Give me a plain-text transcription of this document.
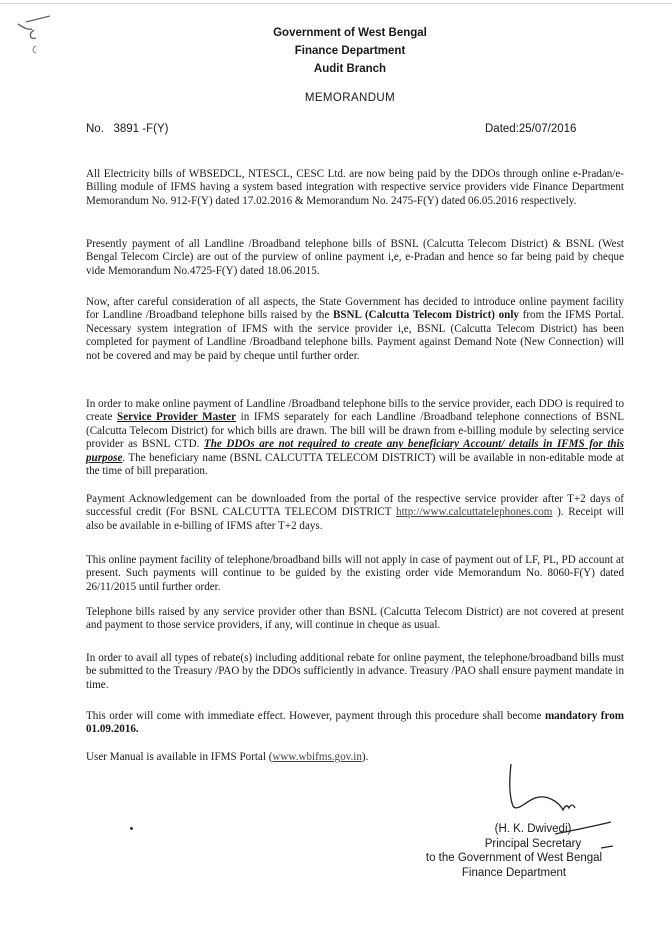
Government of West Bengal
Finance Department
Audit Branch
MEMORANDUM
No.   3891 -F(Y)	Dated:25/07/2016
All Electricity bills of WBSEDCL, NTESCL, CESC Ltd. are now being paid by the DDOs through online e-Pradan/e-Billing module of IFMS having a system based integration with respective service providers vide Finance Department Memorandum No. 912-F(Y) dated 17.02.2016 & Memorandum No. 2475-F(Y) dated 06.05.2016 respectively.
Presently payment of all Landline /Broadband telephone bills of BSNL (Calcutta Telecom District) & BSNL (West Bengal Telecom Circle) are out of the purview of online payment i,e, e-Pradan and hence so far being paid by cheque vide Memorandum No.4725-F(Y) dated 18.06.2015.
Now, after careful consideration of all aspects, the State Government has decided to introduce online payment facility for Landline /Broadband telephone bills raised by the BSNL (Calcutta Telecom District) only from the IFMS Portal. Necessary system integration of IFMS with the service provider i,e, BSNL (Calcutta Telecom District) has been completed for payment of Landline /Broadband telephone bills. Payment against Demand Note (New Connection) will not be covered and may be paid by cheque until further order.
In order to make online payment of Landline /Broadband telephone bills to the service provider, each DDO is required to create Service Provider Master in IFMS separately for each Landline /Broadband telephone connections of BSNL (Calcutta Telecom District) for which bills are drawn. The bill will be drawn from e-billing module by selecting service provider as BSNL CTD. The DDOs are not required to create any beneficiary Account/ details in IFMS for this purpose. The beneficiary name (BSNL CALCUTTA TELECOM DISTRICT) will be available in non-editable mode at the time of bill preparation.
Payment Acknowledgement can be downloaded from the portal of the respective service provider after T+2 days of successful credit (For BSNL CALCUTTA TELECOM DISTRICT http://www.calcuttatelephones.com ). Receipt will also be available in e-billing of IFMS after T+2 days.
This online payment facility of telephone/broadband bills will not apply in case of payment out of LF, PL, PD account at present. Such payments will continue to be guided by the existing order vide Memorandum No. 8060-F(Y) dated 26/11/2015 until further order.
Telephone bills raised by any service provider other than BSNL (Calcutta Telecom District) are not covered at present and payment to those service providers, if any, will continue in cheque as usual.
In order to avail all types of rebate(s) including additional rebate for online payment, the telephone/broadband bills must be submitted to the Treasury /PAO by the DDOs sufficiently in advance. Treasury /PAO shall ensure payment mandate in time.
This order will come with immediate effect. However, payment through this procedure shall become mandatory from 01.09.2016.
User Manual is available in IFMS Portal (www.wbifms.gov.in).
(H. K. Dwivedi)
Principal Secretary
to the Government of West Bengal
Finance Department
